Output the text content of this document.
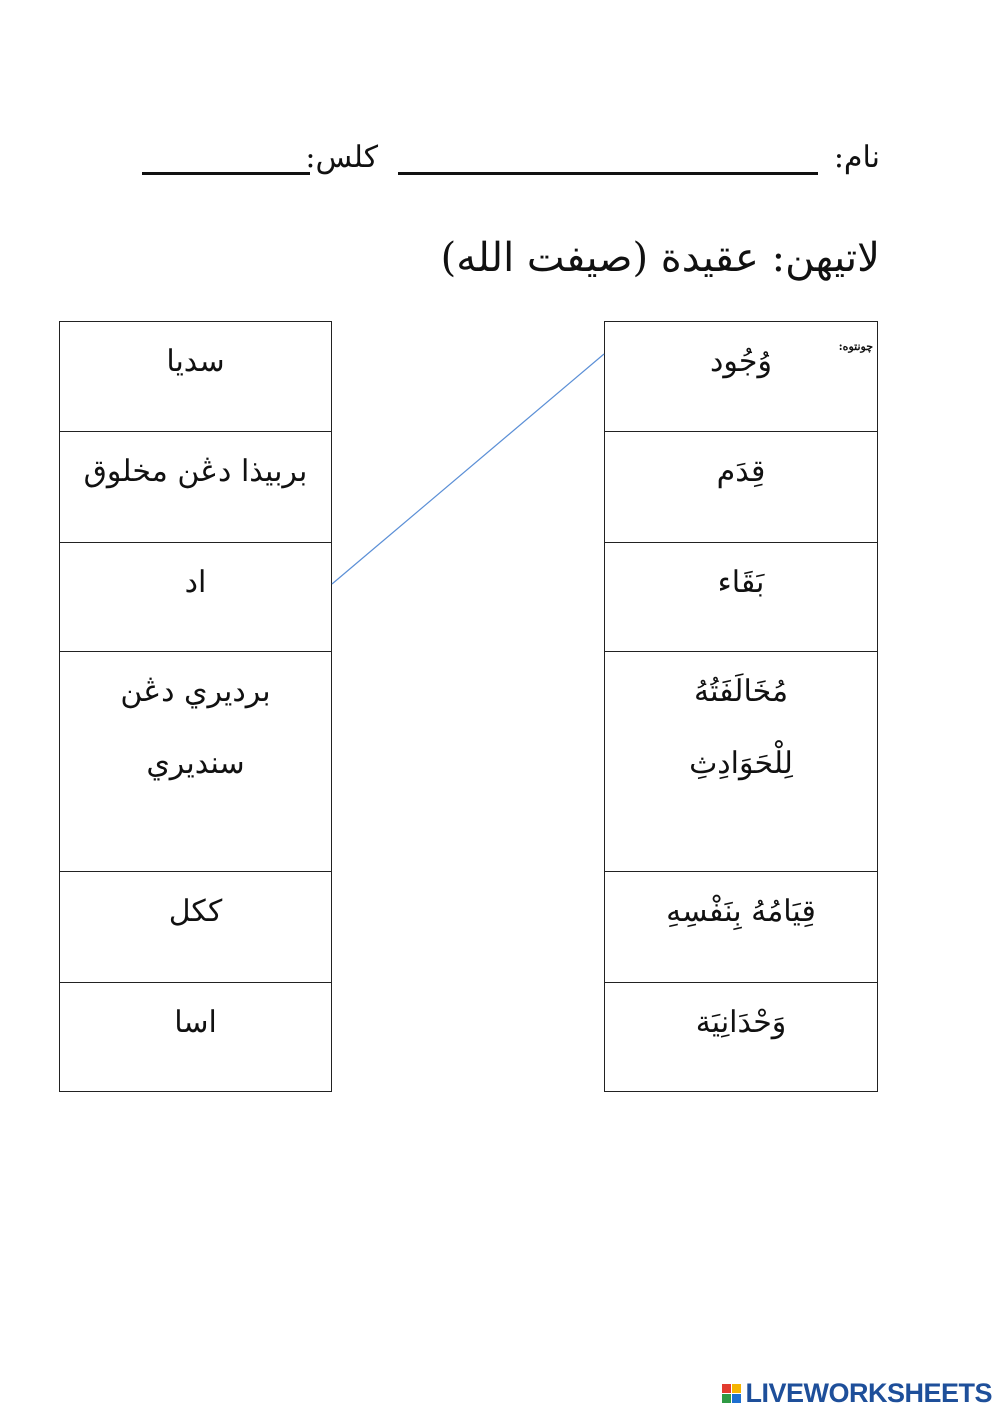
نام:
كلس:
لاتيهن: عقيدة (صيفت الله)
چونتوه:
وُجُود
قِدَم
بَقَاء
مُخَالَفَتُهُ لِلْحَوَادِثِ
قِيَامُهُ بِنَفْسِهِ
وَحْدَانِيَة
سديا
بربيذا دڠن مخلوق
اد
برديري دڠن سنديري
ككل
اسا
LIVEWORKSHEETS
